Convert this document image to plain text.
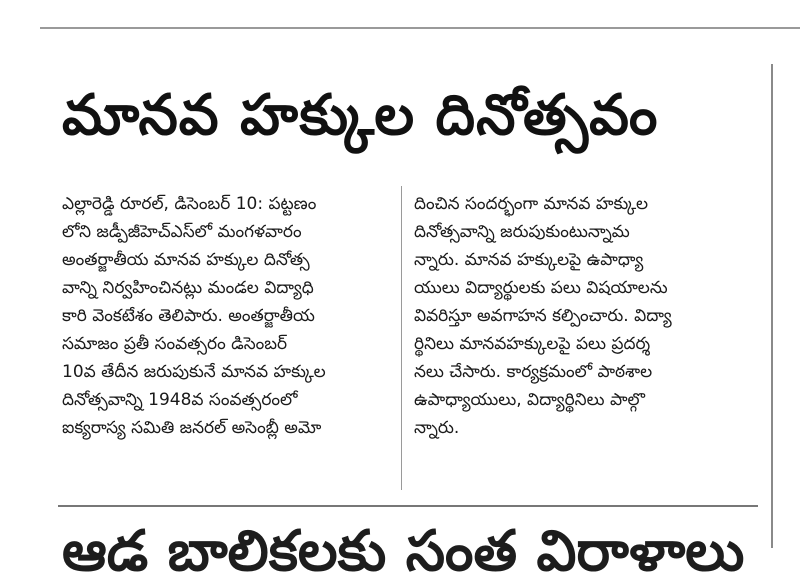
మానవ హక్కుల దినోత్సవం
ఎల్లారెడ్డి రూరల్, డిసెంబర్ 10: పట్టణం
లోని జడ్పీజీహెచ్ఎస్‌లో మంగళవారం
అంతర్జాతీయ మానవ హక్కుల దినోత్స
వాన్ని నిర్వహించినట్లు మండల విద్యాధి
కారి వెంకటేశం తెలిపారు. అంతర్జాతీయ
సమాజం ప్రతీ సంవత్సరం డిసెంబర్
10వ తేదీన జరుపుకునే మానవ హక్కుల
దినోత్సవాన్ని 1948వ సంవత్సరంలో
ఐక్యరాస్య సమితి జనరల్ అసెంబ్లీ అమో
దించిన సందర్భంగా మానవ హక్కుల
దినోత్సవాన్ని జరుపుకుంటున్నామ
న్నారు. మానవ హక్కులపై ఉపాధ్యా
యులు విద్యార్థులకు పలు విషయాలను
వివరిస్తూ అవగాహన కల్పించారు. విద్యా
ర్థినిలు మానవహక్కులపై పలు ప్రదర్శ
నలు చేసారు. కార్యక్రమంలో పాఠశాల
ఉపాధ్యాయులు, విద్యార్థినిలు పాల్గొ
న్నారు.
ఆడ బాలికలకు సంత విరాళాలు
